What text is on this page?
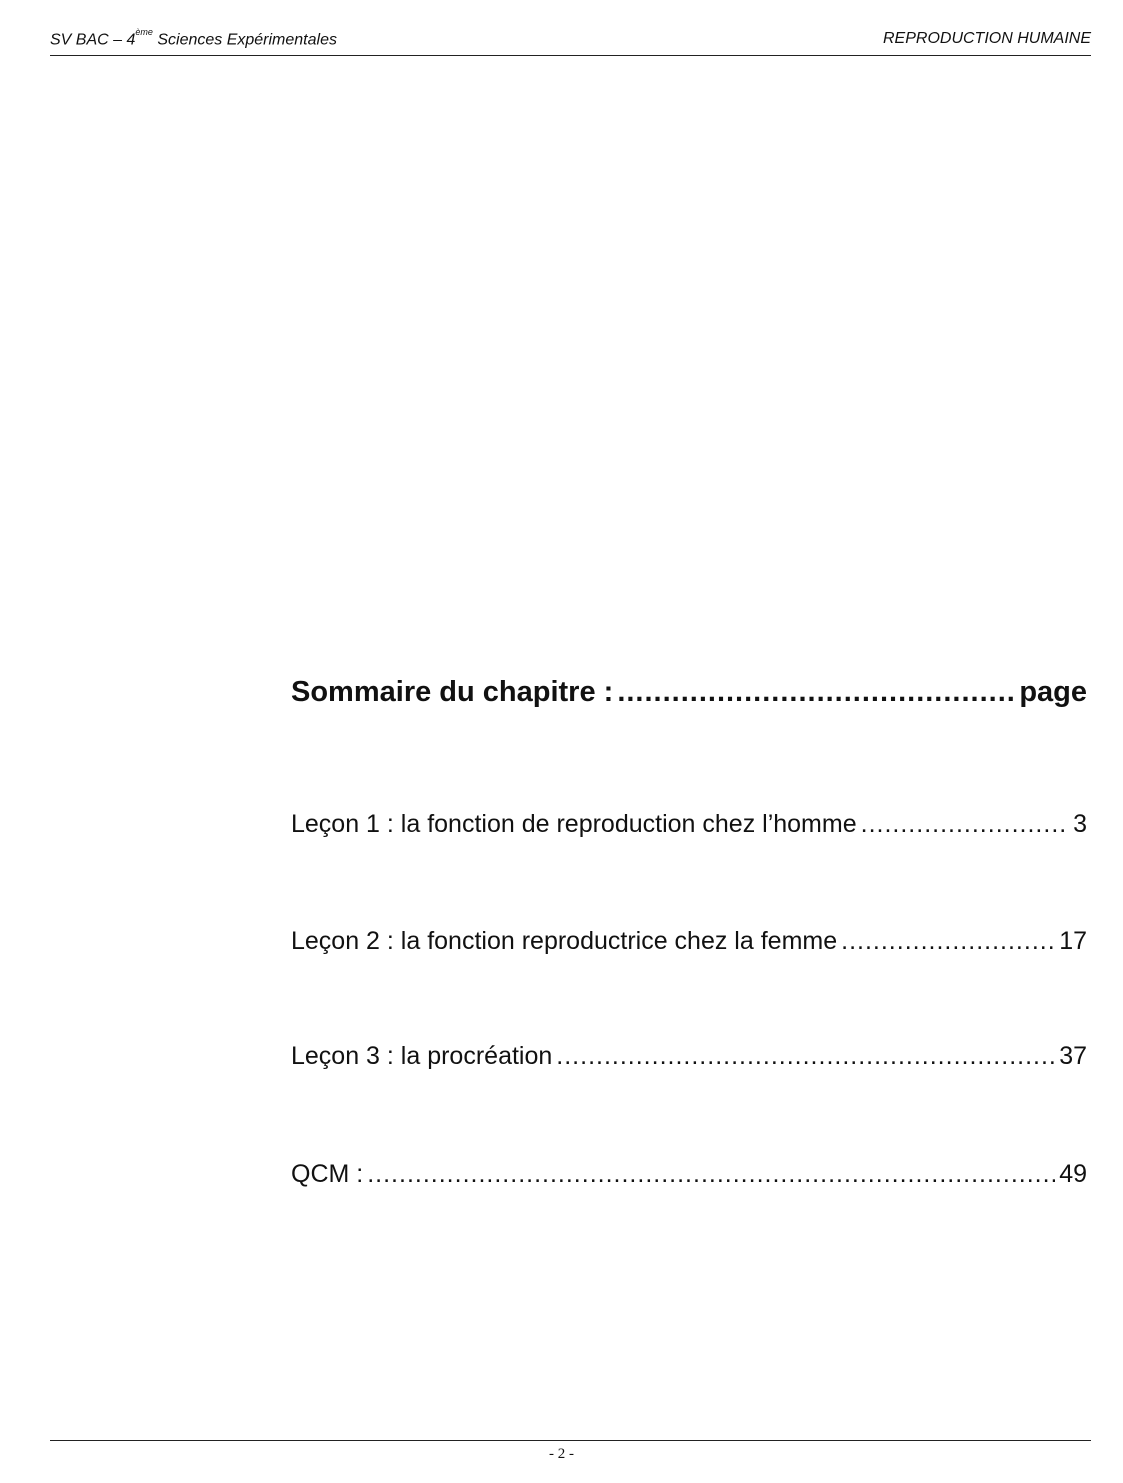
SV BAC – 4ème Sciences Expérimentales	REPRODUCTION HUMAINE
Sommaire du chapitre : .....	page
Leçon 1 : la fonction de reproduction chez l’homme .....	3
Leçon 2 : la fonction reproductrice chez la femme .....	17
Leçon 3 : la procréation .....	37
QCM : .....	49
- 2 -
